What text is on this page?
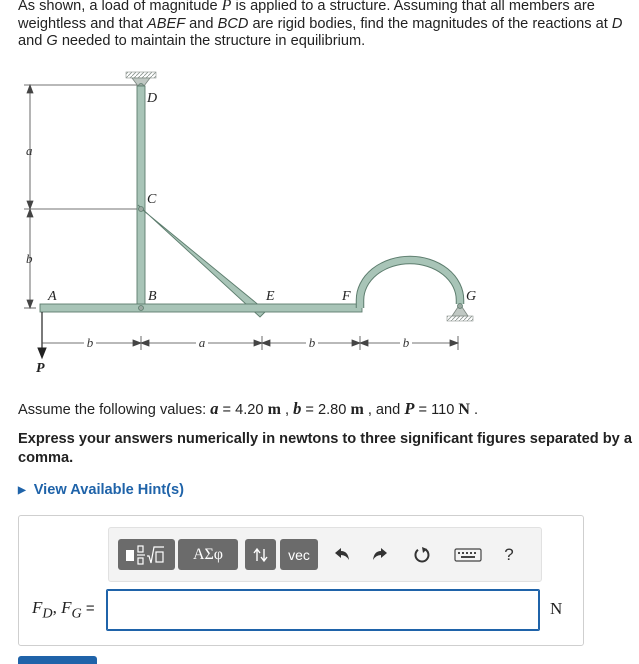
As shown, a load of magnitude P is applied to a structure. Assuming that all members are weightless and that ABEF and BCD are rigid bodies, find the magnitudes of the reactions at D and G needed to maintain the structure in equilibrium.

a
b
b	a	b	b
D
C
A	B	E	F	G
P

Assume the following values: a = 4.20 m , b = 2.80 m , and P = 110 N .

Express your answers numerically in newtons to three significant figures separated by a comma.

▶ View Available Hint(s)
ΑΣφ	vec	?
$F_D$, $F_G$ =	N
